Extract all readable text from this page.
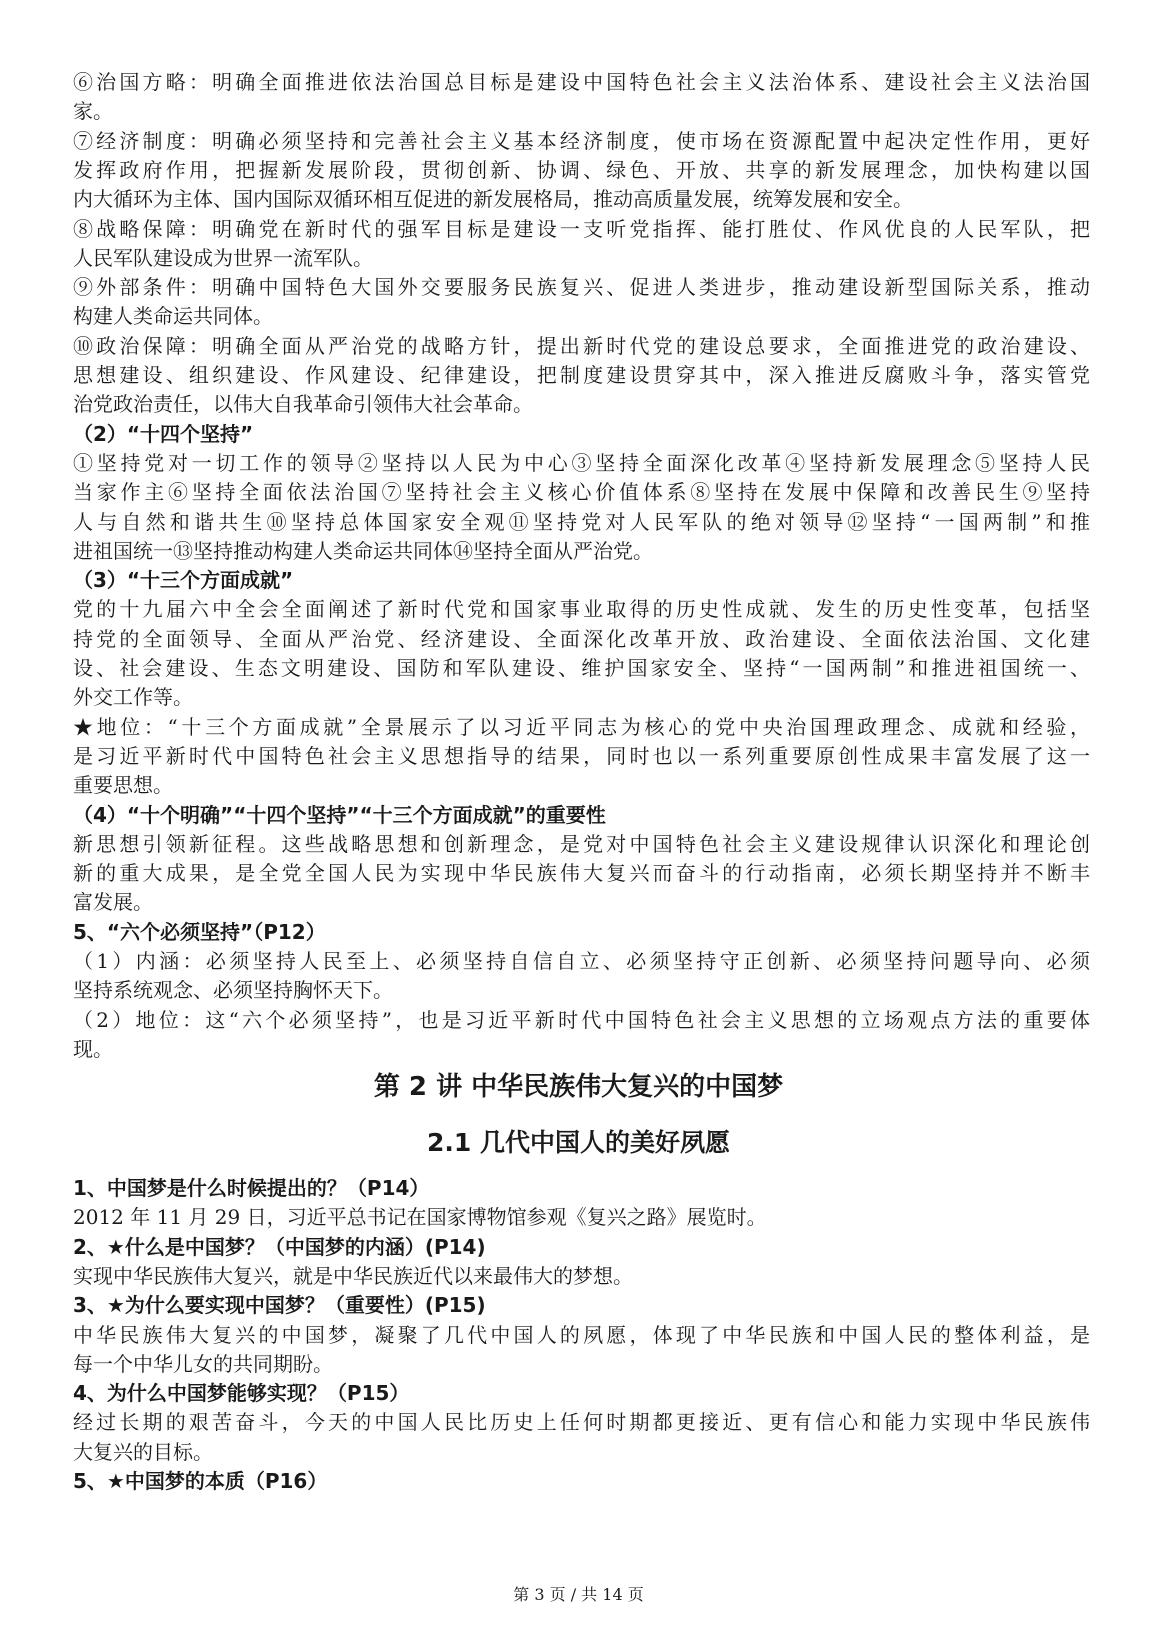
⑥治国方略：明确全面推进依法治国总目标是建设中国特色社会主义法治体系、建设社会主义法治国
家。
⑦经济制度：明确必须坚持和完善社会主义基本经济制度，使市场在资源配置中起决定性作用，更好
发挥政府作用，把握新发展阶段，贯彻创新、协调、绿色、开放、共享的新发展理念，加快构建以国
内大循环为主体、国内国际双循环相互促进的新发展格局，推动高质量发展，统筹发展和安全。
⑧战略保障：明确党在新时代的强军目标是建设一支听党指挥、能打胜仗、作风优良的人民军队，把
人民军队建设成为世界一流军队。
⑨外部条件：明确中国特色大国外交要服务民族复兴、促进人类进步，推动建设新型国际关系，推动
构建人类命运共同体。
⑩政治保障：明确全面从严治党的战略方针，提出新时代党的建设总要求，全面推进党的政治建设、
思想建设、组织建设、作风建设、纪律建设，把制度建设贯穿其中，深入推进反腐败斗争，落实管党
治党政治责任，以伟大自我革命引领伟大社会革命。
（2）“十四个坚持”
①坚持党对一切工作的领导②坚持以人民为中心③坚持全面深化改革④坚持新发展理念⑤坚持人民
当家作主⑥坚持全面依法治国⑦坚持社会主义核心价值体系⑧坚持在发展中保障和改善民生⑨坚持
人与自然和谐共生⑩坚持总体国家安全观⑪坚持党对人民军队的绝对领导⑫坚持“一国两制”和推
进祖国统一⑬坚持推动构建人类命运共同体⑭坚持全面从严治党。
（3）“十三个方面成就”
党的十九届六中全会全面阐述了新时代党和国家事业取得的历史性成就、发生的历史性变革，包括坚
持党的全面领导、全面从严治党、经济建设、全面深化改革开放、政治建设、全面依法治国、文化建
设、社会建设、生态文明建设、国防和军队建设、维护国家安全、坚持“一国两制”和推进祖国统一、
外交工作等。
★地位：“十三个方面成就”全景展示了以习近平同志为核心的党中央治国理政理念、成就和经验，
是习近平新时代中国特色社会主义思想指导的结果，同时也以一系列重要原创性成果丰富发展了这一
重要思想。
（4）“十个明确”“十四个坚持”“十三个方面成就”的重要性
新思想引领新征程。这些战略思想和创新理念，是党对中国特色社会主义建设规律认识深化和理论创
新的重大成果，是全党全国人民为实现中华民族伟大复兴而奋斗的行动指南，必须长期坚持并不断丰
富发展。
5、“六个必须坚持”（P12）
（1）内涵：必须坚持人民至上、必须坚持自信自立、必须坚持守正创新、必须坚持问题导向、必须
坚持系统观念、必须坚持胸怀天下。
（2）地位：这“六个必须坚持”，也是习近平新时代中国特色社会主义思想的立场观点方法的重要体
现。
第 2 讲 中华民族伟大复兴的中国梦
2.1 几代中国人的美好夙愿
1、中国梦是什么时候提出的？（P14）
2012 年 11 月 29 日，习近平总书记在国家博物馆参观《复兴之路》展览时。
2、★什么是中国梦？（中国梦的内涵）(P14)
实现中华民族伟大复兴，就是中华民族近代以来最伟大的梦想。
3、★为什么要实现中国梦？（重要性）(P15)
中华民族伟大复兴的中国梦，凝聚了几代中国人的夙愿，体现了中华民族和中国人民的整体利益，是
每一个中华儿女的共同期盼。
4、为什么中国梦能够实现？（P15）
经过长期的艰苦奋斗，今天的中国人民比历史上任何时期都更接近、更有信心和能力实现中华民族伟
大复兴的目标。
5、★中国梦的本质（P16）
第 3 页 / 共 14 页
